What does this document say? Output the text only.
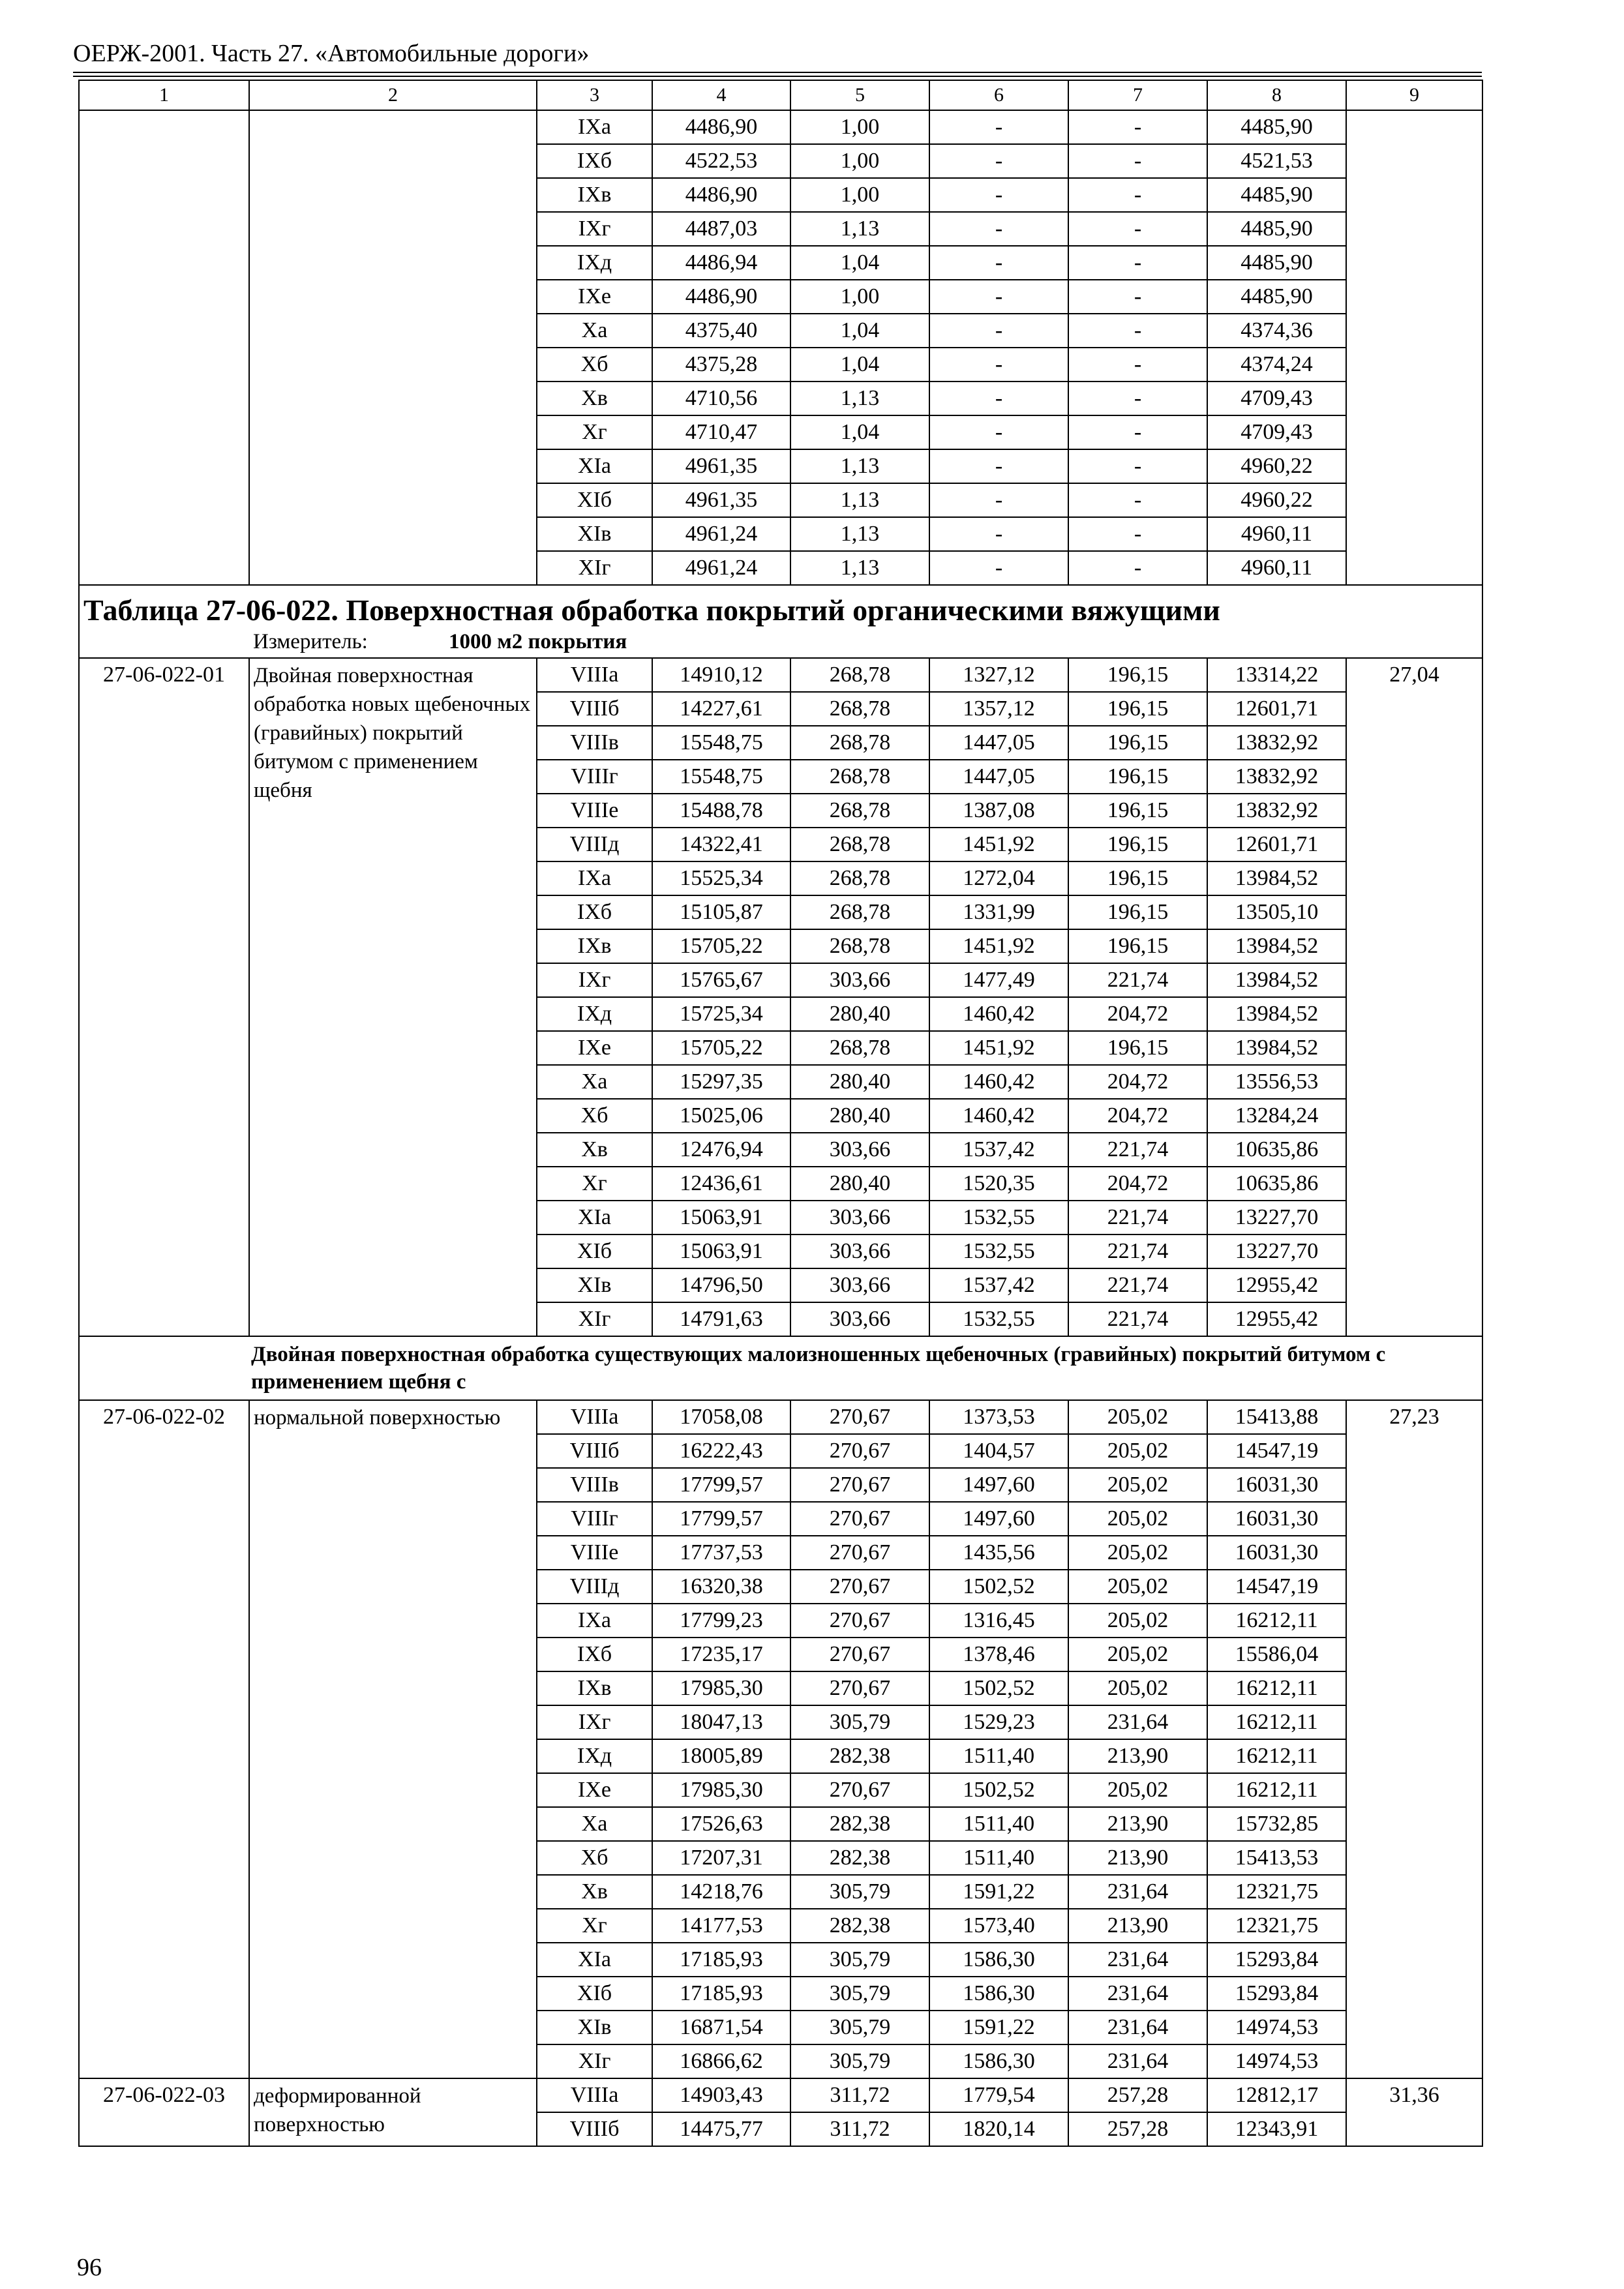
ОЕРЖ-2001. Часть 27. «Автомобильные дороги»
1	2	3	4	5	6	7	8	9
		IXа	4486,90	1,00	-	-	4485,90	
		IXб	4522,53	1,00	-	-	4521,53	
		IXв	4486,90	1,00	-	-	4485,90	
		IXг	4487,03	1,13	-	-	4485,90	
		IXд	4486,94	1,04	-	-	4485,90	
		IXе	4486,90	1,00	-	-	4485,90	
		Xа	4375,40	1,04	-	-	4374,36	
		Xб	4375,28	1,04	-	-	4374,24	
		Xв	4710,56	1,13	-	-	4709,43	
		Xг	4710,47	1,04	-	-	4709,43	
		XIа	4961,35	1,13	-	-	4960,22	
		XIб	4961,35	1,13	-	-	4960,22	
		XIв	4961,24	1,13	-	-	4960,11	
		XIг	4961,24	1,13	-	-	4960,11	

Таблица 27-06-022. Поверхностная обработка покрытий органическими вяжущими
Измеритель: 1000 м2 покрытия								

27-06-022-01	Двойная поверхностная обработка новых щебеночных (гравийных) покрытий битумом с применением щебня	VIIIа	14910,12	268,78	1327,12	196,15	13314,22	27,04
		VIIIб	14227,61	268,78	1357,12	196,15	12601,71	
		VIIIв	15548,75	268,78	1447,05	196,15	13832,92	
		VIIIг	15548,75	268,78	1447,05	196,15	13832,92	
		VIIIе	15488,78	268,78	1387,08	196,15	13832,92	
		VIIIд	14322,41	268,78	1451,92	196,15	12601,71	
		IXа	15525,34	268,78	1272,04	196,15	13984,52	
		IXб	15105,87	268,78	1331,99	196,15	13505,10	
		IXв	15705,22	268,78	1451,92	196,15	13984,52	
		IXг	15765,67	303,66	1477,49	221,74	13984,52	
		IXд	15725,34	280,40	1460,42	204,72	13984,52	
		IXе	15705,22	268,78	1451,92	196,15	13984,52	
		Xа	15297,35	280,40	1460,42	204,72	13556,53	
		Xб	15025,06	280,40	1460,42	204,72	13284,24	
		Xв	12476,94	303,66	1537,42	221,74	10635,86	
		Xг	12436,61	280,40	1520,35	204,72	10635,86	
		XIа	15063,91	303,66	1532,55	221,74	13227,70	
		XIб	15063,91	303,66	1532,55	221,74	13227,70	
		XIв	14796,50	303,66	1537,42	221,74	12955,42	
		XIг	14791,63	303,66	1532,55	221,74	12955,42	
Двойная поверхностная обработка существующих малоизношенных щебеночных (гравийных) покрытий битумом с применением щебня с								
27-06-022-02	нормальной поверхностью	VIIIа	17058,08	270,67	1373,53	205,02	15413,88	27,23
		VIIIб	16222,43	270,67	1404,57	205,02	14547,19	
		VIIIв	17799,57	270,67	1497,60	205,02	16031,30	
		VIIIг	17799,57	270,67	1497,60	205,02	16031,30	
		VIIIе	17737,53	270,67	1435,56	205,02	16031,30	
		VIIIд	16320,38	270,67	1502,52	205,02	14547,19	
		IXа	17799,23	270,67	1316,45	205,02	16212,11	
		IXб	17235,17	270,67	1378,46	205,02	15586,04	
		IXв	17985,30	270,67	1502,52	205,02	16212,11	
		IXг	18047,13	305,79	1529,23	231,64	16212,11	
		IXд	18005,89	282,38	1511,40	213,90	16212,11	
		IXе	17985,30	270,67	1502,52	205,02	16212,11	
		Xа	17526,63	282,38	1511,40	213,90	15732,85	
		Xб	17207,31	282,38	1511,40	213,90	15413,53	
		Xв	14218,76	305,79	1591,22	231,64	12321,75	
		Xг	14177,53	282,38	1573,40	213,90	12321,75	
		XIа	17185,93	305,79	1586,30	231,64	15293,84	
		XIб	17185,93	305,79	1586,30	231,64	15293,84	
		XIв	16871,54	305,79	1591,22	231,64	14974,53	
		XIг	16866,62	305,79	1586,30	231,64	14974,53	
27-06-022-03	деформированной поверхностью	VIIIа	14903,43	311,72	1779,54	257,28	12812,17	31,36
		VIIIб	14475,77	311,72	1820,14	257,28	12343,91	
96
